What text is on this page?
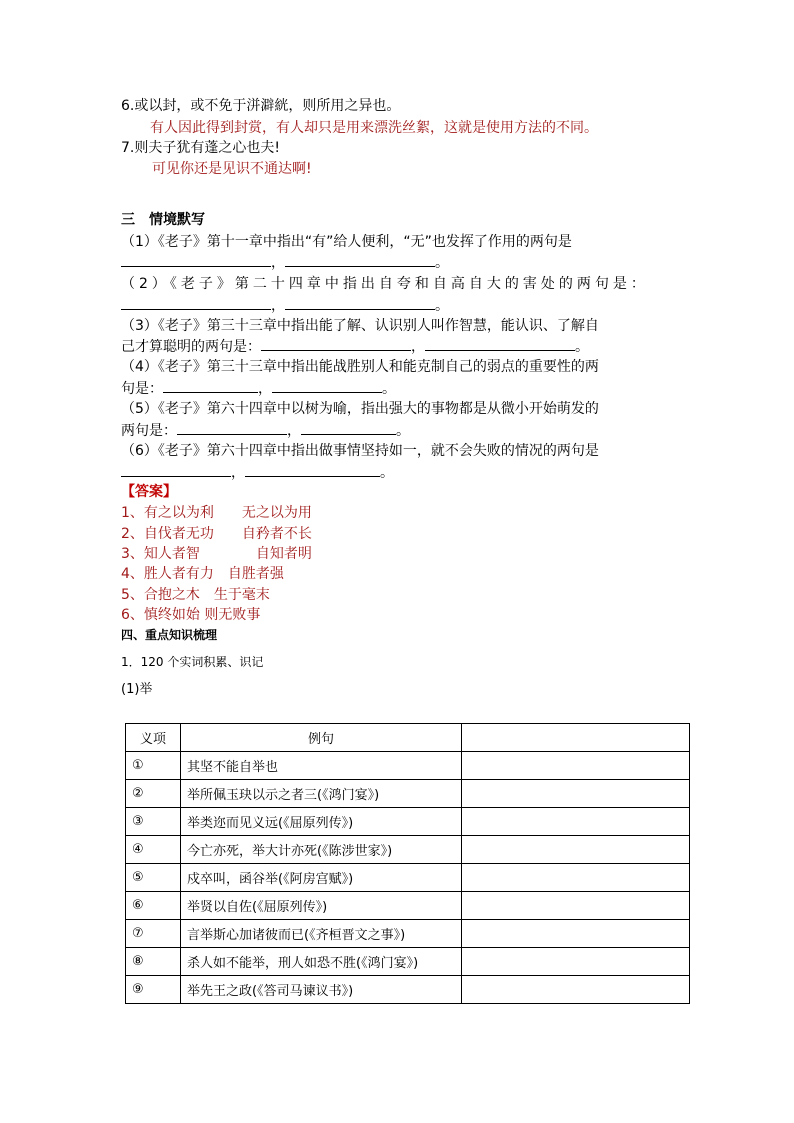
6.或以封，或不免于洴澼絖，则所用之异也。
有人因此得到封赏，有人却只是用来漂洗丝絮，这就是使用方法的不同。
7.则夫子犹有蓬之心也夫!
可见你还是见识不通达啊!
三　情境默写
（1）《老子》第十一章中指出“有”给人便利，“无”也发挥了作用的两句是
，	。
（2）《老子》第二十四章中指出自夸和自高自大的害处的两句是：
，	。
（3）《老子》第三十三章中指出能了解、认识别人叫作智慧，能认识、了解自
己才算聪明的两句是：	，	。
（4）《老子》第三十三章中指出能战胜别人和能克制自己的弱点的重要性的两
句是：	，	。
（5）《老子》第六十四章中以树为喻，指出强大的事物都是从微小开始萌发的
两句是：	，	。
（6）《老子》第六十四章中指出做事情坚持如一，就不会失败的情况的两句是
，	。
【答案】
1、有之以为利　　无之以为用
2、自伐者无功　　自矜者不长
3、知人者智　　　　自知者明
4、胜人者有力　自胜者强
5、合抱之木　生于毫末
6、慎终如始 则无败事
四、重点知识梳理
1．120 个实词积累、识记
(1)举
义项	例句	
①	其坚不能自举也	
②	举所佩玉玦以示之者三(《鸿门宴》)	
③	举类迩而见义远(《屈原列传》)	
④	今亡亦死，举大计亦死(《陈涉世家》)	
⑤	戍卒叫，函谷举(《阿房宫赋》)	
⑥	举贤以自佐(《屈原列传》)	
⑦	言举斯心加诸彼而已(《齐桓晋文之事》)	
⑧	杀人如不能举，刑人如恐不胜(《鸿门宴》)	
⑨	举先王之政(《答司马谏议书》)	
